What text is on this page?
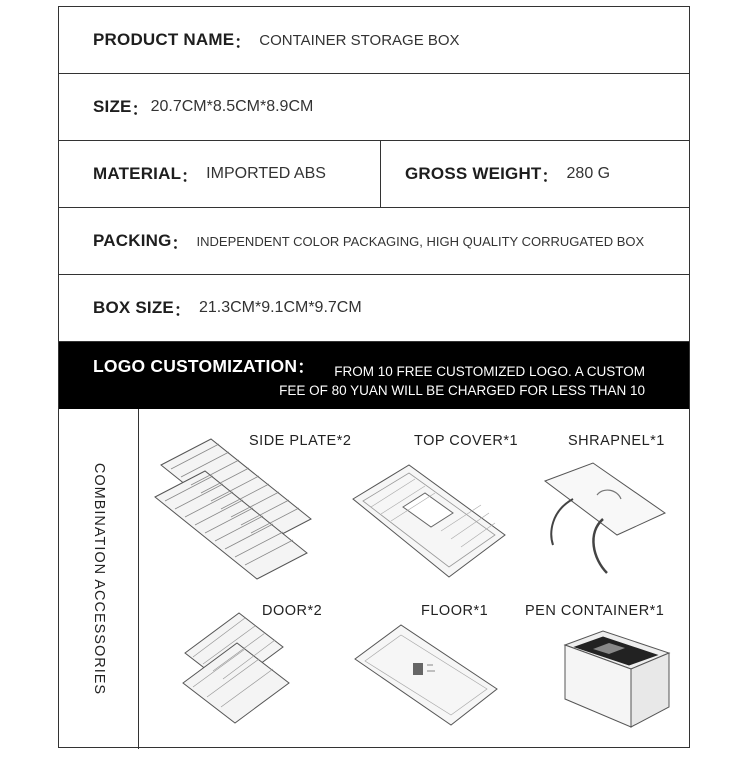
PRODUCT NAME ： CONTAINER STORAGE BOX
SIZE ： 20.7CM*8.5CM*8.9CM
MATERIAL ： IMPORTED ABS	GROSS WEIGHT ： 280 G
PACKING ： INDEPENDENT COLOR PACKAGING, HIGH QUALITY CORRUGATED BOX
BOX SIZE ： 21.3CM*9.1CM*9.7CM
LOGO CUSTOMIZATION ：	FROM 10 FREE CUSTOMIZED LOGO. A CUSTOM
FEE OF 80 YUAN WILL BE CHARGED FOR LESS THAN 10
COMBINATION ACCESSORIES
SIDE PLATE*2	TOP COVER*1	SHRAPNEL*1
DOOR*2	FLOOR*1	PEN CONTAINER*1
